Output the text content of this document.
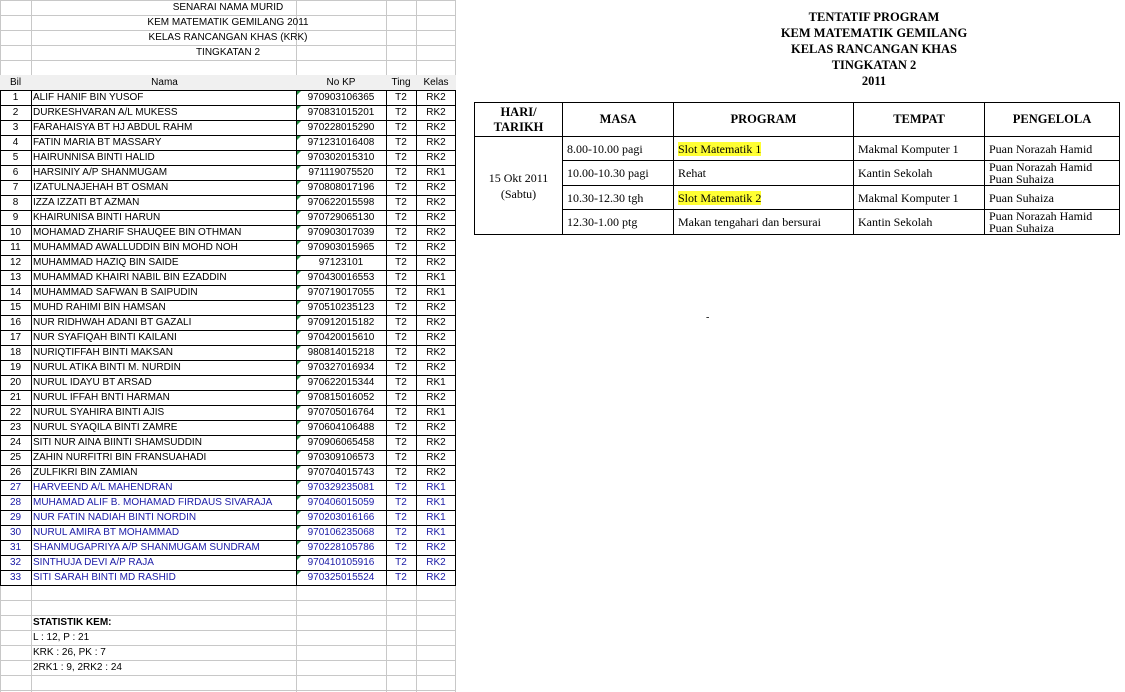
SENARAI NAMA MURID
KEM MATEMATIK GEMILANG 2011
KELAS RANCANGAN KHAS (KRK)
TINGKATAN 2
Bil	Nama	No KP	Ting	Kelas
1	ALIF HANIF BIN YUSOF	970903106365	T2	RK2
2	DURKESHVARAN A/L MUKESS	970831015201	T2	RK2
3	FARAHAISYA BT HJ ABDUL RAHM	970228015290	T2	RK2
4	FATIN MARIA BT MASSARY	971231016408	T2	RK2
5	HAIRUNNISA BINTI HALID	970302015310	T2	RK2
6	HARSINIY A/P SHANMUGAM	971119075520	T2	RK1
7	IZATULNAJEHAH BT OSMAN	970808017196	T2	RK2
8	IZZA IZZATI BT AZMAN	970622015598	T2	RK2
9	KHAIRUNISA BINTI HARUN	970729065130	T2	RK2
10	MOHAMAD ZHARIF SHAUQEE BIN OTHMAN	970903017039	T2	RK2
11	MUHAMMAD AWALLUDDIN BIN MOHD NOH	970903015965	T2	RK2
12	MUHAMMAD HAZIQ BIN SAIDE	97123101	T2	RK2
13	MUHAMMAD KHAIRI NABIL BIN EZADDIN	970430016553	T2	RK1
14	MUHAMMAD SAFWAN B SAIPUDIN	970719017055	T2	RK1
15	MUHD RAHIMI BIN HAMSAN	970510235123	T2	RK2
16	NUR RIDHWAH ADANI BT GAZALI	970912015182	T2	RK2
17	NUR SYAFIQAH BINTI KAILANI	970420015610	T2	RK2
18	NURIQTIFFAH BINTI MAKSAN	980814015218	T2	RK2
19	NURUL ATIKA BINTI M. NURDIN	970327016934	T2	RK2
20	NURUL IDAYU BT ARSAD	970622015344	T2	RK1
21	NURUL IFFAH BNTI HARMAN	970815016052	T2	RK2
22	NURUL SYAHIRA BINTI AJIS	970705016764	T2	RK1
23	NURUL SYAQILA BINTI ZAMRE	970604106488	T2	RK2
24	SITI NUR AINA BIINTI SHAMSUDDIN	970906065458	T2	RK2
25	ZAHIN NURFITRI BIN FRANSUAHADI	970309106573	T2	RK2
26	ZULFIKRI BIN ZAMIAN	970704015743	T2	RK2
27	HARVEEND A/L MAHENDRAN	970329235081	T2	RK1
28	MUHAMAD ALIF B. MOHAMAD FIRDAUS SIVARAJA	970406015059	T2	RK1
29	NUR FATIN NADIAH BINTI NORDIN	970203016166	T2	RK1
30	NURUL AMIRA BT MOHAMMAD	970106235068	T2	RK1
31	SHANMUGAPRIYA A/P SHANMUGAM SUNDRAM	970228105786	T2	RK2
32	SINTHUJA DEVI A/P RAJA	970410105916	T2	RK2
33	SITI SARAH BINTI MD RASHID	970325015524	T2	RK2
STATISTIK KEM:
L : 12, P : 21
KRK : 26, PK : 7
2RK1 : 9, 2RK2 : 24
TENTATIF PROGRAM
KEM MATEMATIK GEMILANG
KELAS RANCANGAN KHAS
TINGKATAN 2
2011
HARI/
TARIKH	MASA	PROGRAM	TEMPAT	PENGELOLA
15 Okt 2011
(Sabtu)	8.00-10.00 pagi	Slot Matematik 1	Makmal Komputer 1	Puan Norazah Hamid
	10.00-10.30 pagi	Rehat	Kantin Sekolah	Puan Norazah Hamid
Puan Suhaiza
	10.30-12.30 tgh	Slot Matematik 2	Makmal Komputer 1	Puan Suhaiza
	12.30-1.00 ptg	Makan tengahari dan bersurai	Kantin Sekolah	Puan Norazah Hamid
Puan Suhaiza
-
